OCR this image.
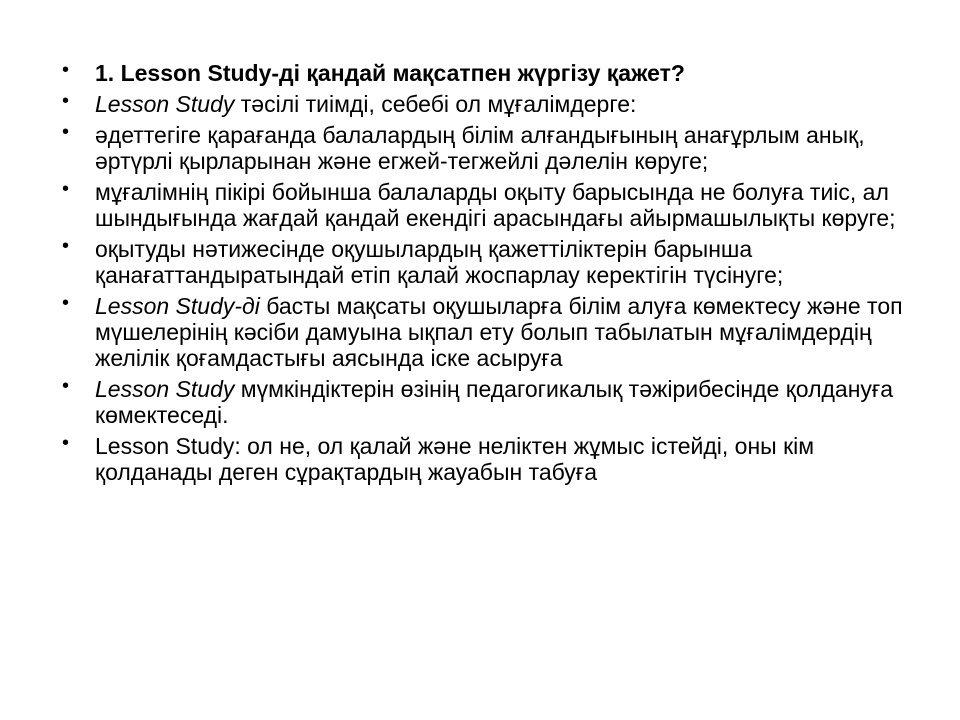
• 1. Lesson Study-ді қандай мақсатпен жүргізу қажет?
• Lesson Study тәсілі тиімді, себебі ол мұғалімдерге:
• әдеттегіге қарағанда балалардың білім алғандығының анағұрлым анық, әртүрлі қырларынан және егжей-тегжейлі дәлелін көруге;
• мұғалімнің пікірі бойынша балаларды оқыту барысында не болуға тиіс, ал шындығында жағдай қандай екендігі арасындағы айырмашылықты көруге;
• оқытуды нәтижесінде оқушылардың қажеттіліктерін барынша қанағаттандыратындай етіп қалай жоспарлау керектігін түсінуге;
• Lesson Study-ді басты мақсаты оқушыларға білім алуға көмектесу және топ мүшелерінің кәсіби дамуына ықпал ету болып табылатын мұғалімдердің желілік қоғамдастығы аясында іске асыруға
• Lesson Study мүмкіндіктерін өзінің педагогикалық тәжірибесінде қолдануға көмектеседі.
• Lesson Study: ол не, ол қалай және неліктен жұмыс істейді, оны кім қолданады деген сұрақтардың жауабын табуға
